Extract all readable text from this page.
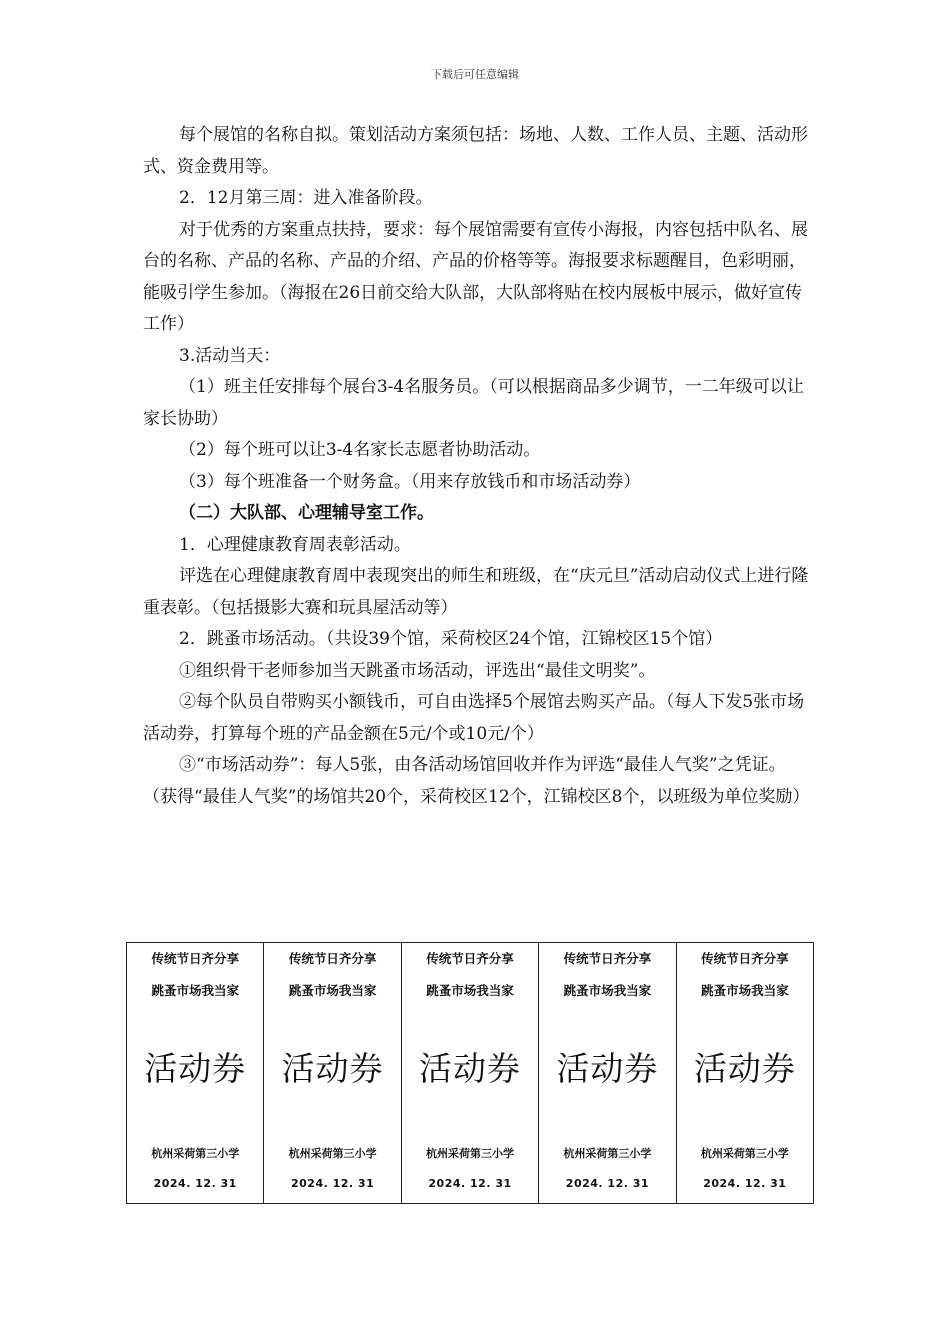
下载后可任意编辑

每个展馆的名称自拟。策划活动方案须包括：场地、人数、工作人员、主题、活动形式、资金费用等。

2．12月第三周：进入准备阶段。

对于优秀的方案重点扶持，要求：每个展馆需要有宣传小海报，内容包括中队名、展台的名称、产品的名称、产品的介绍、产品的价格等等。海报要求标题醒目，色彩明丽，能吸引学生参加。（海报在26日前交给大队部，大队部将贴在校内展板中展示，做好宣传工作）

3.活动当天：

（1）班主任安排每个展台3-4名服务员。（可以根据商品多少调节，一二年级可以让家长协助）

（2）每个班可以让3-4名家长志愿者协助活动。

（3）每个班准备一个财务盒。（用来存放钱币和市场活动券）

（二）大队部、心理辅导室工作。

1．心理健康教育周表彰活动。

评选在心理健康教育周中表现突出的师生和班级，在“庆元旦”活动启动仪式上进行隆重表彰。（包括摄影大赛和玩具屋活动等）

2．跳蚤市场活动。（共设39个馆，采荷校区24个馆，江锦校区15个馆）

①组织骨干老师参加当天跳蚤市场活动，评选出“最佳文明奖”。

②每个队员自带购买小额钱币，可自由选择5个展馆去购买产品。（每人下发5张市场活动券，打算每个班的产品金额在5元/个或10元/个）

③“市场活动券”：每人5张，由各活动场馆回收并作为评选“最佳人气奖”之凭证。（获得“最佳人气奖”的场馆共20个，采荷校区12个，江锦校区8个，以班级为单位奖励）

传统节日齐分享
跳蚤市场我当家
活动券
杭州采荷第三小学
2024. 12. 31
传统节日齐分享
跳蚤市场我当家
活动券
杭州采荷第三小学
2024. 12. 31
传统节日齐分享
跳蚤市场我当家
活动券
杭州采荷第三小学
2024. 12. 31
传统节日齐分享
跳蚤市场我当家
活动券
杭州采荷第三小学
2024. 12. 31
传统节日齐分享
跳蚤市场我当家
活动券
杭州采荷第三小学
2024. 12. 31
